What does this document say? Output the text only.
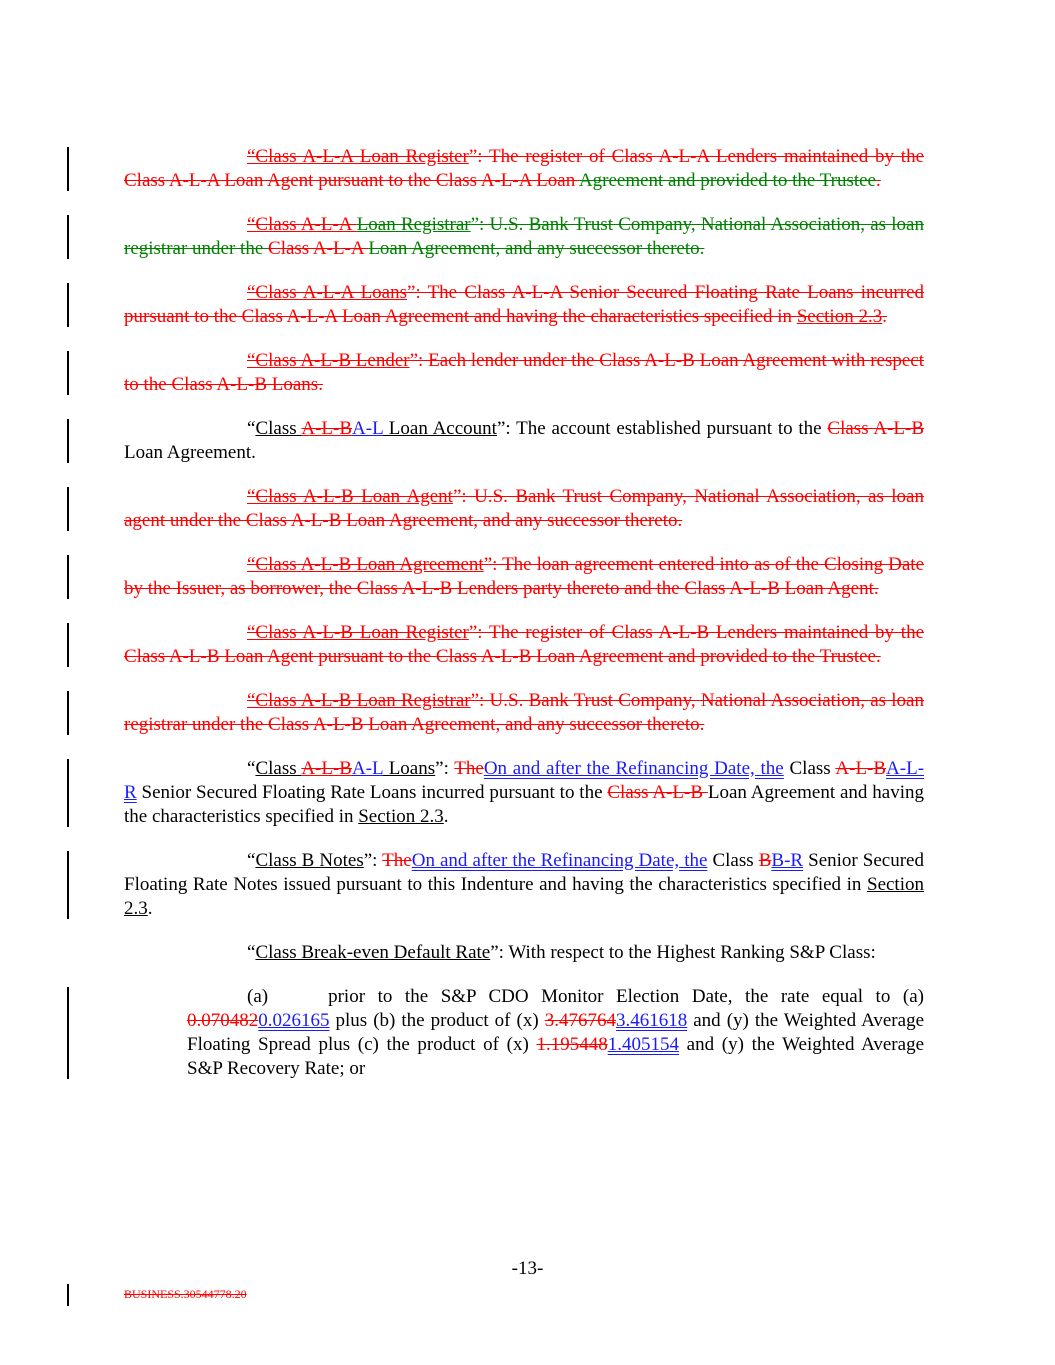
“Class A-L-A Loan Register”: The register of Class A-L-A Lenders maintained by the Class A-L-A Loan Agent pursuant to the Class A-L-A Loan Agreement and provided to the Trustee.
“Class A-L-A Loan Registrar”: U.S. Bank Trust Company, National Association, as loan registrar under the Class A-L-A Loan Agreement, and any successor thereto.
“Class A-L-A Loans”: The Class A-L-A Senior Secured Floating Rate Loans incurred pursuant to the Class A-L-A Loan Agreement and having the characteristics specified in Section 2.3.
“Class A-L-B Lender”: Each lender under the Class A-L-B Loan Agreement with respect to the Class A-L-B Loans.
“Class A-L-BA-L Loan Account”: The account established pursuant to the Class A-L-B Loan Agreement.
“Class A-L-B Loan Agent”: U.S. Bank Trust Company, National Association, as loan agent under the Class A-L-B Loan Agreement, and any successor thereto.
“Class A-L-B Loan Agreement”: The loan agreement entered into as of the Closing Date by the Issuer, as borrower, the Class A-L-B Lenders party thereto and the Class A-L-B Loan Agent.
“Class A-L-B Loan Register”: The register of Class A-L-B Lenders maintained by the Class A-L-B Loan Agent pursuant to the Class A-L-B Loan Agreement and provided to the Trustee.
“Class A-L-B Loan Registrar”: U.S. Bank Trust Company, National Association, as loan registrar under the Class A-L-B Loan Agreement, and any successor thereto.
“Class A-L-BA-L Loans”: TheOn and after the Refinancing Date, the Class A-L-BA-L-R Senior Secured Floating Rate Loans incurred pursuant to the Class A-L-B Loan Agreement and having the characteristics specified in Section 2.3.
“Class B Notes”: TheOn and after the Refinancing Date, the Class BB-R Senior Secured Floating Rate Notes issued pursuant to this Indenture and having the characteristics specified in Section 2.3.
“Class Break-even Default Rate”: With respect to the Highest Ranking S&P Class:
(a)	prior to the S&P CDO Monitor Election Date, the rate equal to (a) 0.0704820.026165 plus (b) the product of (x) 3.4767643.461618 and (y) the Weighted Average Floating Spread plus (c) the product of (x) 1.1954481.405154 and (y) the Weighted Average S&P Recovery Rate; or
-13-
BUSINESS.30544778.20
